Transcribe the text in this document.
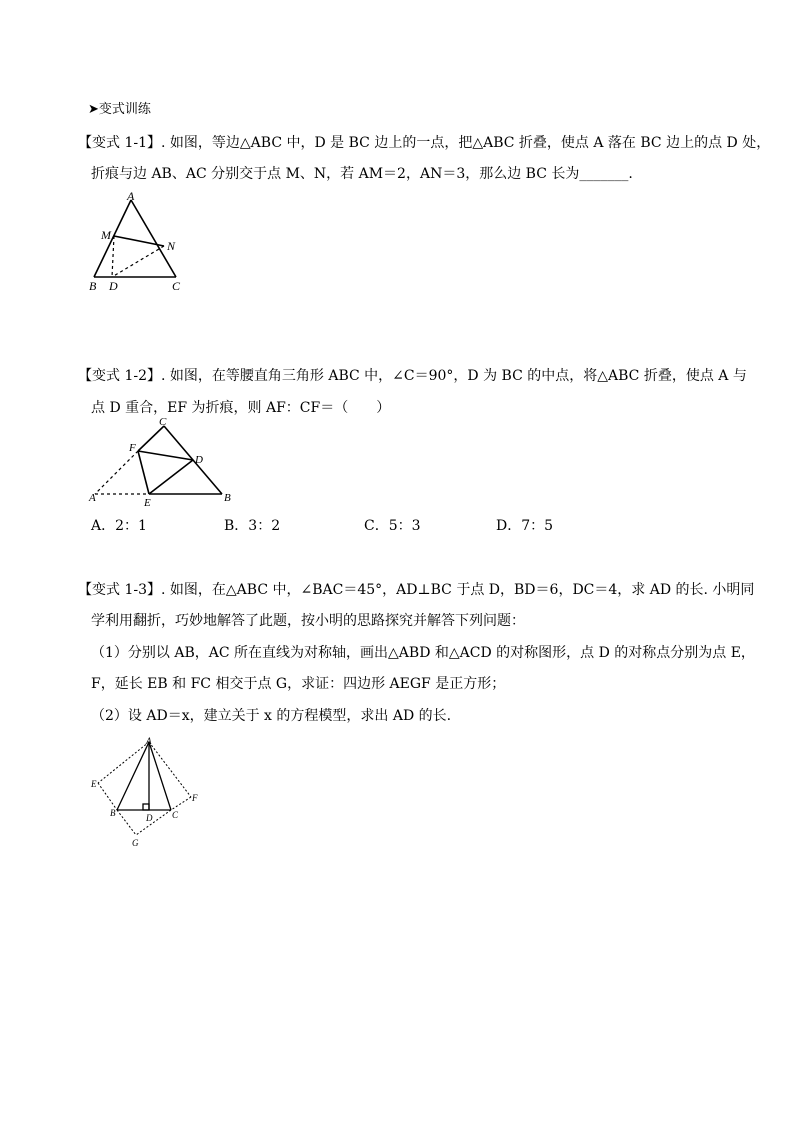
➤变式训练
【变式 1-1】. 如图，等边△ABC 中，D 是 BC 边上的一点，把△ABC 折叠，使点 A 落在 BC 边上的点 D 处，
折痕与边 AB、AC 分别交于点 M、N，若 AM＝2，AN＝3，那么边 BC 长为_______.
A
M
N
B D	C
【变式 1-2】. 如图，在等腰直角三角形 ABC 中，∠C＝90°，D 为 BC 的中点，将△ABC 折叠，使点 A 与
点 D 重合，EF 为折痕，则 AF：CF＝（　　）
C
F
D
A	E	B
A．2：1	B．3：2	C．5：3	D．7：5
【变式 1-3】. 如图，在△ABC 中，∠BAC＝45°，AD⊥BC 于点 D，BD＝6，DC＝4，求 AD 的长. 小明同
学利用翻折，巧妙地解答了此题，按小明的思路探究并解答下列问题：
（1）分别以 AB，AC 所在直线为对称轴，画出△ABD 和△ACD 的对称图形，点 D 的对称点分别为点 E，
F，延长 EB 和 FC 相交于点 G，求证：四边形 AEGF 是正方形；
（2）设 AD＝x，建立关于 x 的方程模型，求出 AD 的长.
A
E
F
B	D C
G
